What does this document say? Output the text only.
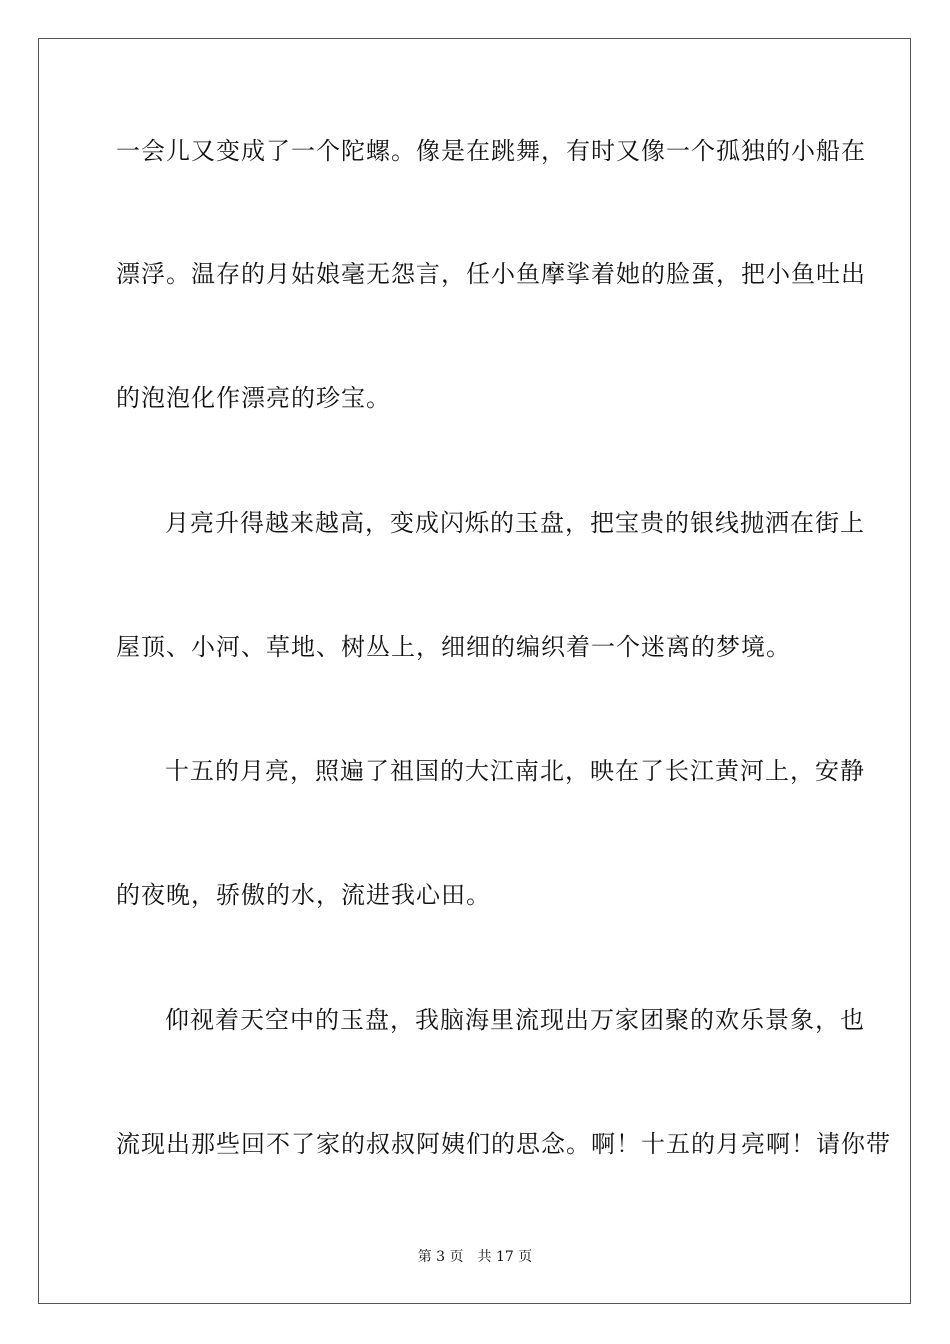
一会儿又变成了一个陀螺。像是在跳舞，有时又像一个孤独的小船在
漂浮。温存的月姑娘毫无怨言，任小鱼摩挲着她的脸蛋，把小鱼吐出
的泡泡化作漂亮的珍宝。
月亮升得越来越高，变成闪烁的玉盘，把宝贵的银线抛洒在街上
屋顶、小河、草地、树丛上，细细的编织着一个迷离的梦境。
十五的月亮，照遍了祖国的大江南北，映在了长江黄河上，安静
的夜晚，骄傲的水，流进我心田。
仰视着天空中的玉盘，我脑海里流现出万家团聚的欢乐景象，也
流现出那些回不了家的叔叔阿姨们的思念。啊！十五的月亮啊！请你带
第 3 页 共 17 页
